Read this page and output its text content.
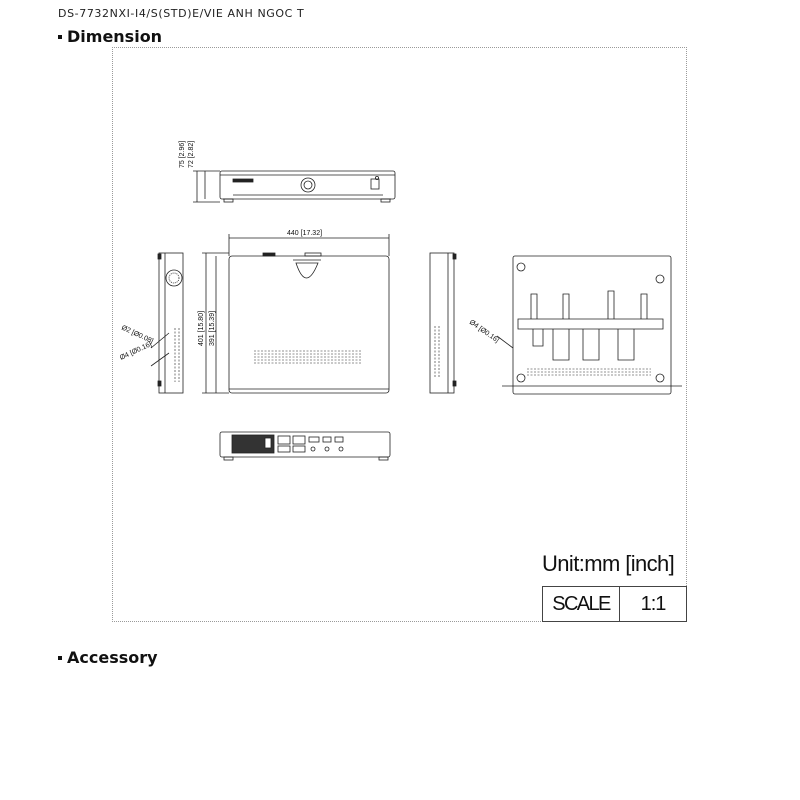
DS-7732NXI-I4/S(STD)E/VIE ANH NGOC T
Dimension
75 [2.96] 72 [2.82]
440 [17.32]
401 [15.80] 391 [15.39]
Ø2 [Ø0.08]
Ø4 [Ø0.16]
Ø4 [Ø0.16]
Unit:mm [inch]
SCALE	1:1
Accessory
